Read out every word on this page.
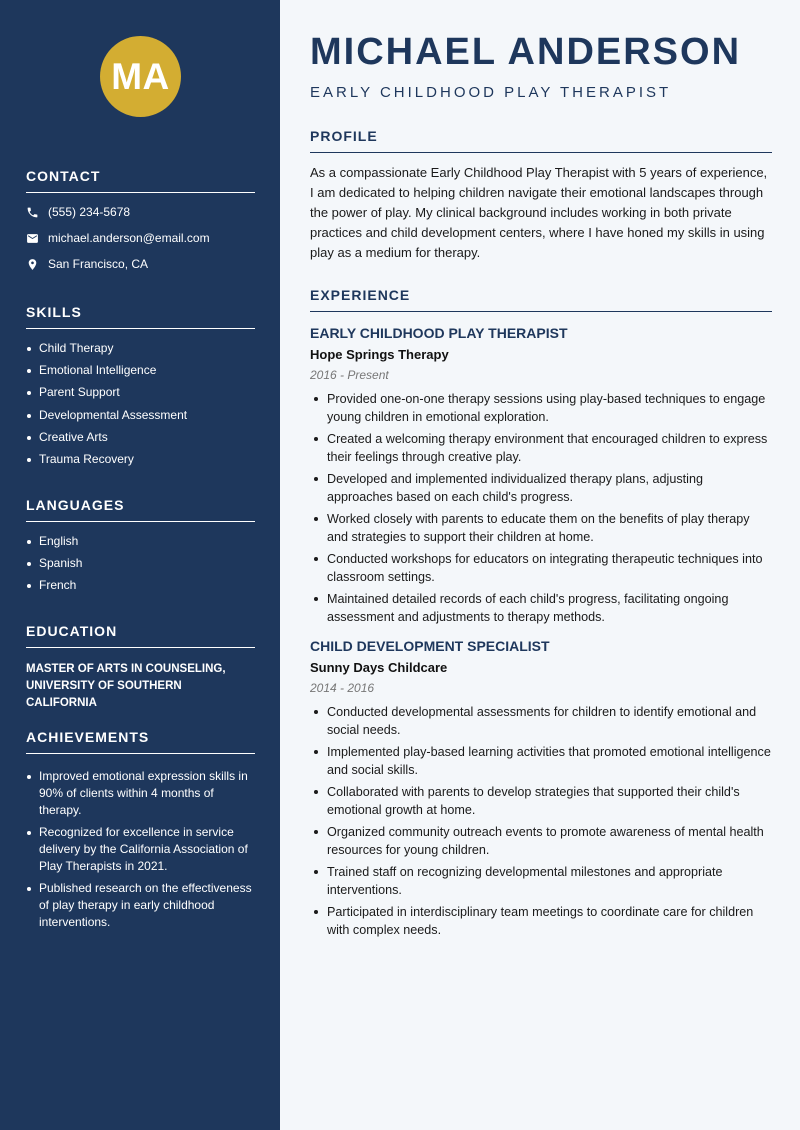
MA
CONTACT
(555) 234-5678
michael.anderson@email.com
San Francisco, CA
SKILLS
Child Therapy
Emotional Intelligence
Parent Support
Developmental Assessment
Creative Arts
Trauma Recovery
LANGUAGES
English
Spanish
French
EDUCATION

MASTER OF ARTS IN COUNSELING, UNIVERSITY OF SOUTHERN CALIFORNIA

ACHIEVEMENTS
Improved emotional expression skills in 90% of clients within 4 months of therapy.
Recognized for excellence in service delivery by the California Association of Play Therapists in 2021.
Published research on the effectiveness of play therapy in early childhood interventions.
MICHAEL ANDERSON
EARLY CHILDHOOD PLAY THERAPIST
PROFILE

As a compassionate Early Childhood Play Therapist with 5 years of experience, I am dedicated to helping children navigate their emotional landscapes through the power of play. My clinical background includes working in both private practices and child development centers, where I have honed my skills in using play as a medium for therapy.

EXPERIENCE
EARLY CHILDHOOD PLAY THERAPIST
Hope Springs Therapy
2016 - Present
Provided one-on-one therapy sessions using play-based techniques to engage young children in emotional exploration.
Created a welcoming therapy environment that encouraged children to express their feelings through creative play.
Developed and implemented individualized therapy plans, adjusting approaches based on each child's progress.
Worked closely with parents to educate them on the benefits of play therapy and strategies to support their children at home.
Conducted workshops for educators on integrating therapeutic techniques into classroom settings.
Maintained detailed records of each child's progress, facilitating ongoing assessment and adjustments to therapy methods.
CHILD DEVELOPMENT SPECIALIST
Sunny Days Childcare
2014 - 2016
Conducted developmental assessments for children to identify emotional and social needs.
Implemented play-based learning activities that promoted emotional intelligence and social skills.
Collaborated with parents to develop strategies that supported their child's emotional growth at home.
Organized community outreach events to promote awareness of mental health resources for young children.
Trained staff on recognizing developmental milestones and appropriate interventions.
Participated in interdisciplinary team meetings to coordinate care for children with complex needs.
